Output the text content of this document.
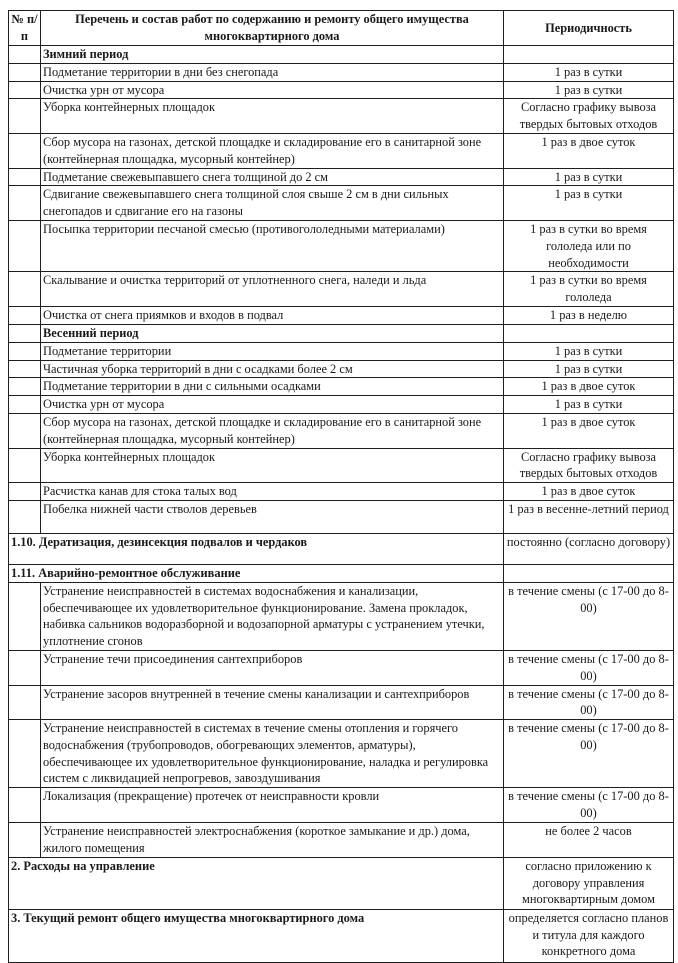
№ п/п	Перечень и состав работ по содержанию и ремонту общего имущества многоквартирного дома	Периодичность
	Зимний период	
	Подметание территории в дни без снегопада	1 раз в сутки
	Очистка урн от мусора	1 раз в сутки
	Уборка контейнерных площадок	Согласно графику вывоза твердых бытовых отходов
	Сбор мусора на газонах, детской площадке и складирование его в санитарной зоне (контейнерная площадка, мусорный контейнер)	1 раз в двое суток
	Подметание свежевыпавшего снега толщиной до 2 см	1 раз в сутки
	Сдвигание свежевыпавшего снега толщиной слоя свыше 2 см в дни сильных снегопадов и сдвигание его на газоны	1 раз в сутки
	Посыпка территории песчаной смесью (противогололедными материалами)	1 раз в сутки во время гололеда или по необходимости
	Скалывание и очистка территорий от уплотненного снега, наледи и льда	1 раз в сутки во время гололеда
	Очистка от снега приямков и входов в подвал	1 раз в неделю
	Весенний период	
	Подметание территории	1 раз в сутки
	Частичная уборка территорий в дни с осадками более 2 см	1 раз в сутки
	Подметание территории в дни с сильными осадками	1 раз в двое суток
	Очистка урн от мусора	1 раз в сутки
	Сбор мусора на газонах, детской площадке и складирование его в санитарной зоне (контейнерная площадка, мусорный контейнер)	1 раз в двое суток
	Уборка контейнерных площадок	Согласно графику вывоза твердых бытовых отходов
	Расчистка канав для стока талых вод	1 раз в двое суток
	Побелка нижней части стволов деревьев	1 раз в весенне-летний период
1.10. Дератизация, дезинсекция подвалов и чердаков		постоянно (согласно договору)
1.11. Аварийно-ремонтное обслуживание		
	Устранение неисправностей в системах водоснабжения и канализации, обеспечивающее их удовлетворительное функционирование. Замена прокладок, набивка сальников водоразборной и водозапорной арматуры с устранением утечки, уплотнение сгонов	в течение смены (с 17-00 до 8-00)
	Устранение течи присоединения сантехприборов	в течение смены (с 17-00 до 8-00)
	Устранение засоров внутренней в течение смены канализации и сантехприборов	в течение смены (с 17-00 до 8-00)
	Устранение неисправностей в системах в течение смены отопления и горячего водоснабжения (трубопроводов, обогревающих элементов, арматуры), обеспечивающее их удовлетворительное функционирование, наладка и регулировка систем с ликвидацией непрогревов, завоздушивания	в течение смены (с 17-00 до 8-00)
	Локализация (прекращение) протечек от неисправности кровли	в течение смены (с 17-00 до 8-00)
	Устранение неисправностей электроснабжения (короткое замыкание и др.) дома, жилого помещения	не более 2 часов
2. Расходы на управление		согласно приложению к договору управления многоквартирным домом
3. Текущий ремонт общего имущества многоквартирного дома		определяется согласно планов и титула для каждого конкретного дома
